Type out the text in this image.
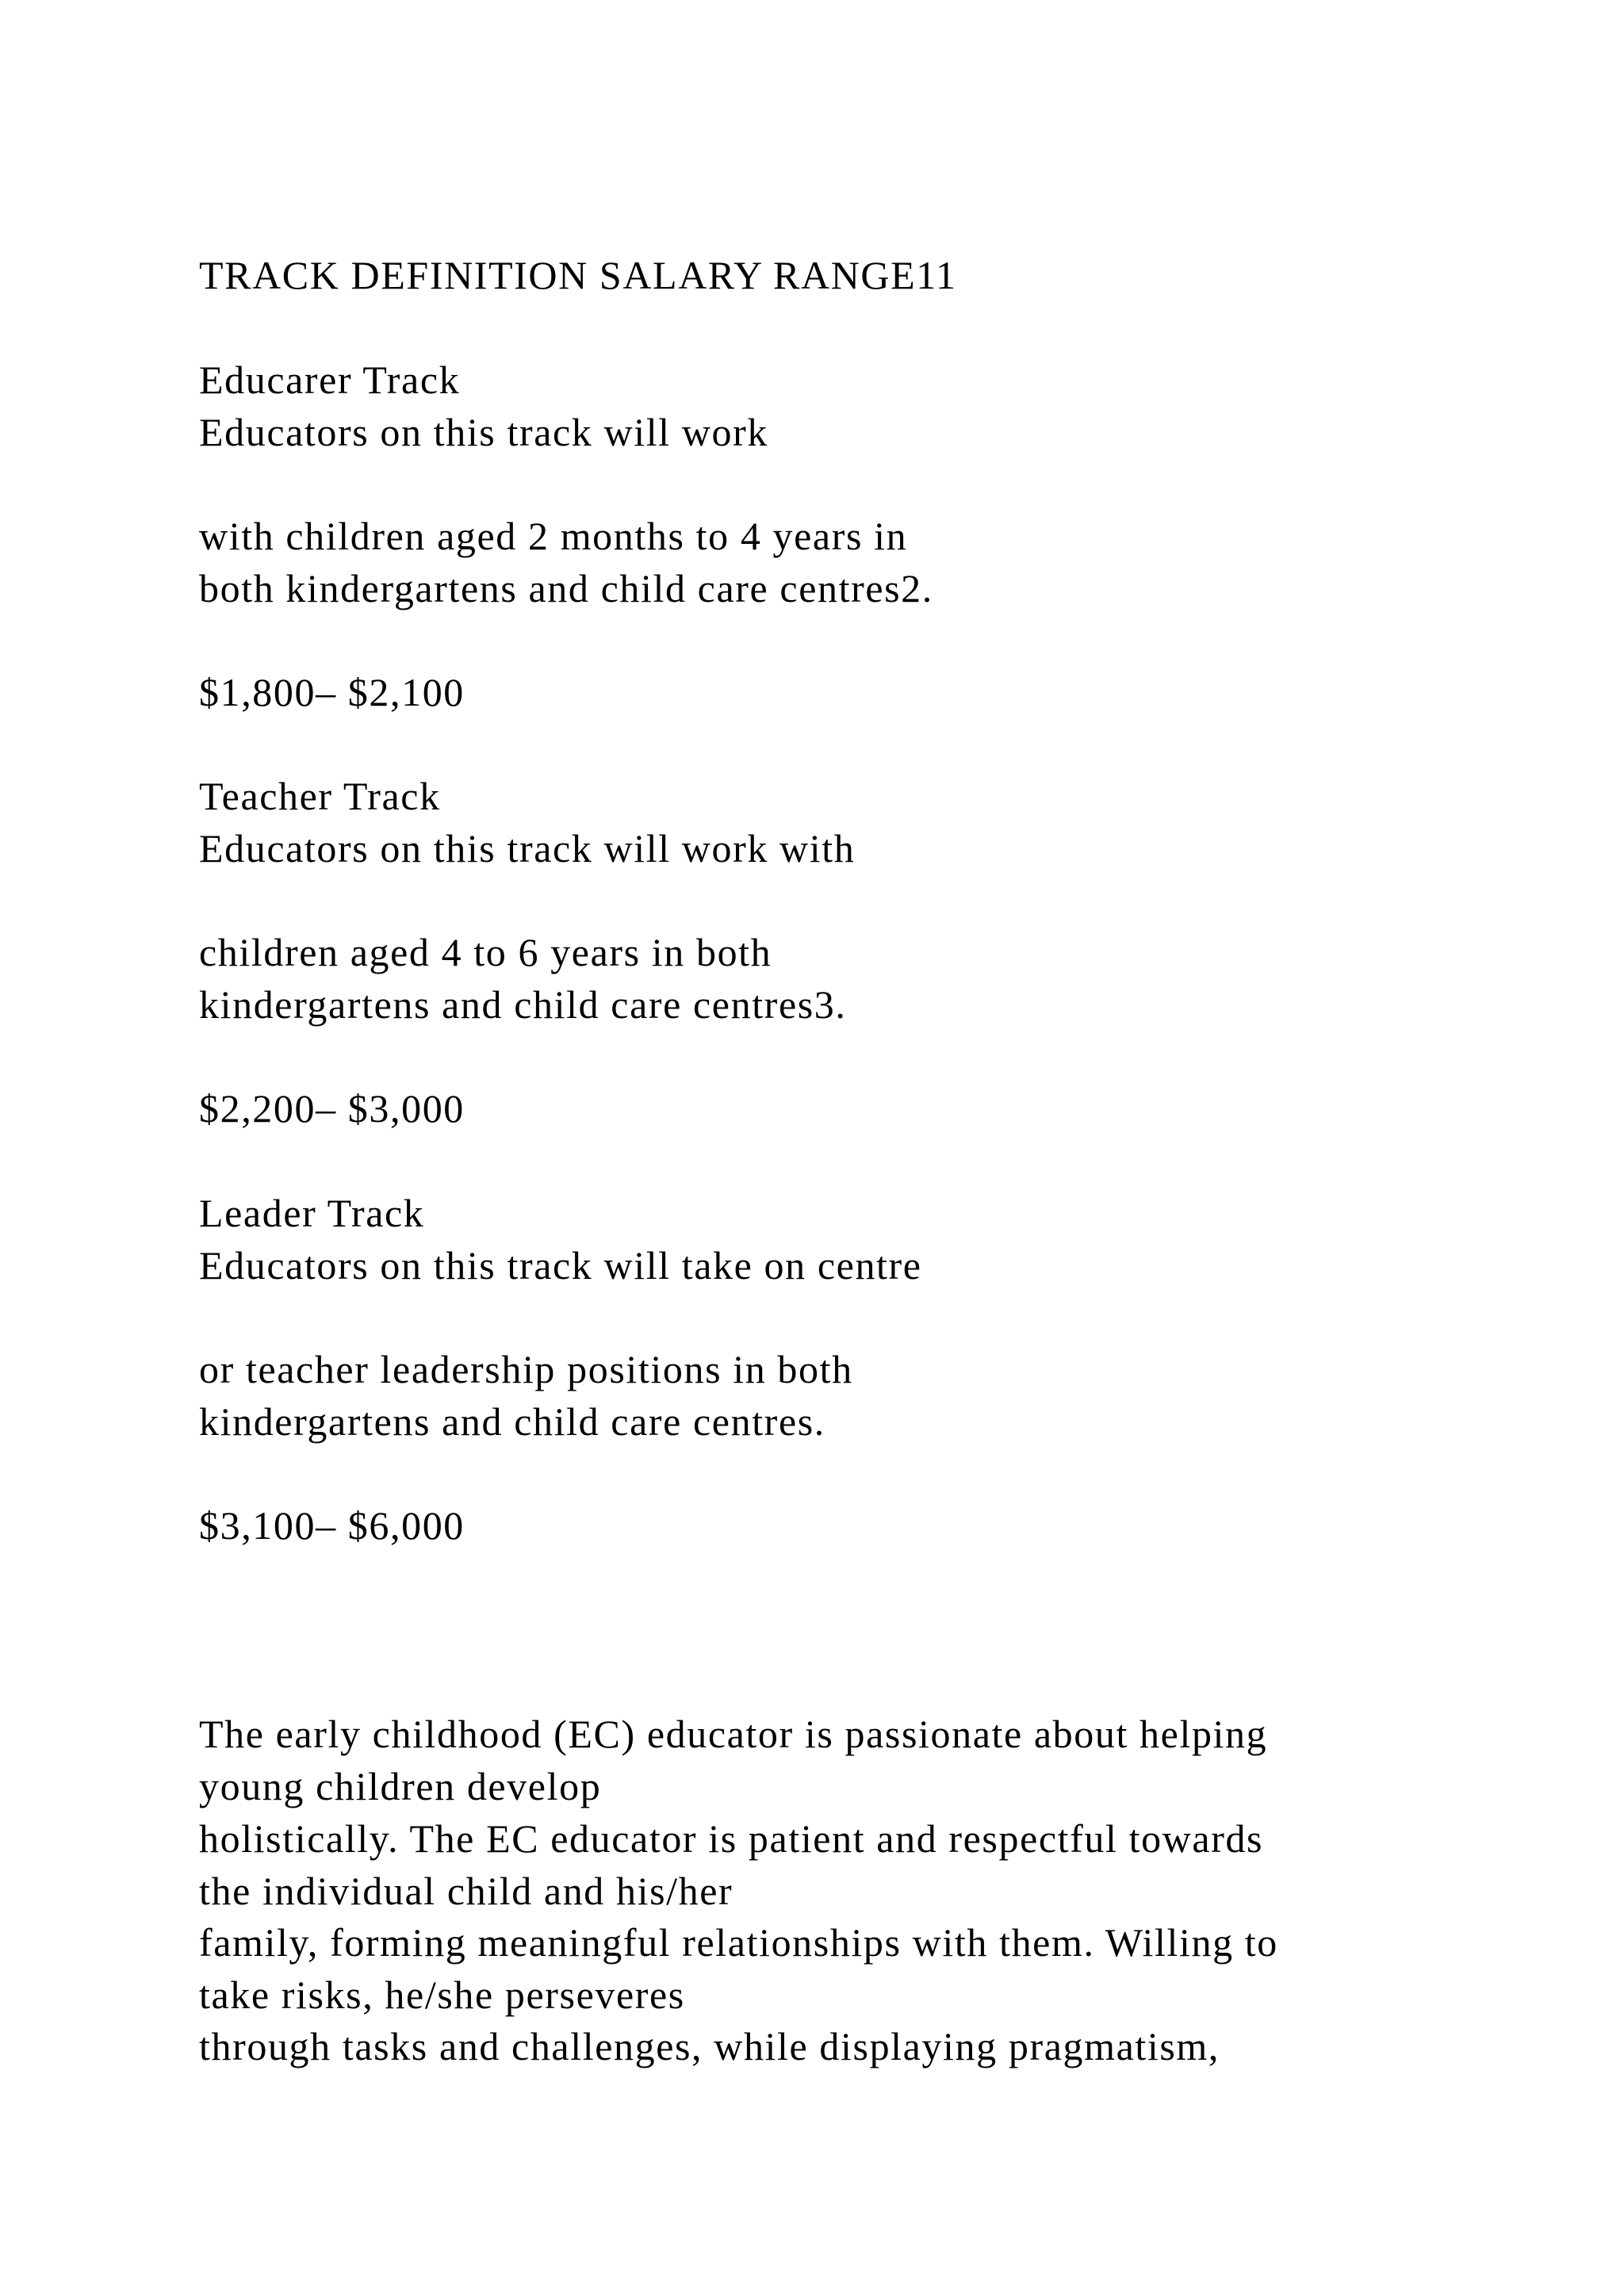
TRACK DEFINITION SALARY RANGE11
Educarer Track
Educators on this track will work
with children aged 2 months to 4 years in
both kindergartens and child care centres2.
$1,800– $2,100
Teacher Track
Educators on this track will work with
children aged 4 to 6 years in both
kindergartens and child care centres3.
$2,200– $3,000
Leader Track
Educators on this track will take on centre
or teacher leadership positions in both
kindergartens and child care centres.
$3,100– $6,000
The early childhood (EC) educator is passionate about helping
young children develop
holistically. The EC educator is patient and respectful towards
the individual child and his/her
family, forming meaningful relationships with them. Willing to
take risks, he/she perseveres
through tasks and challenges, while displaying pragmatism,
